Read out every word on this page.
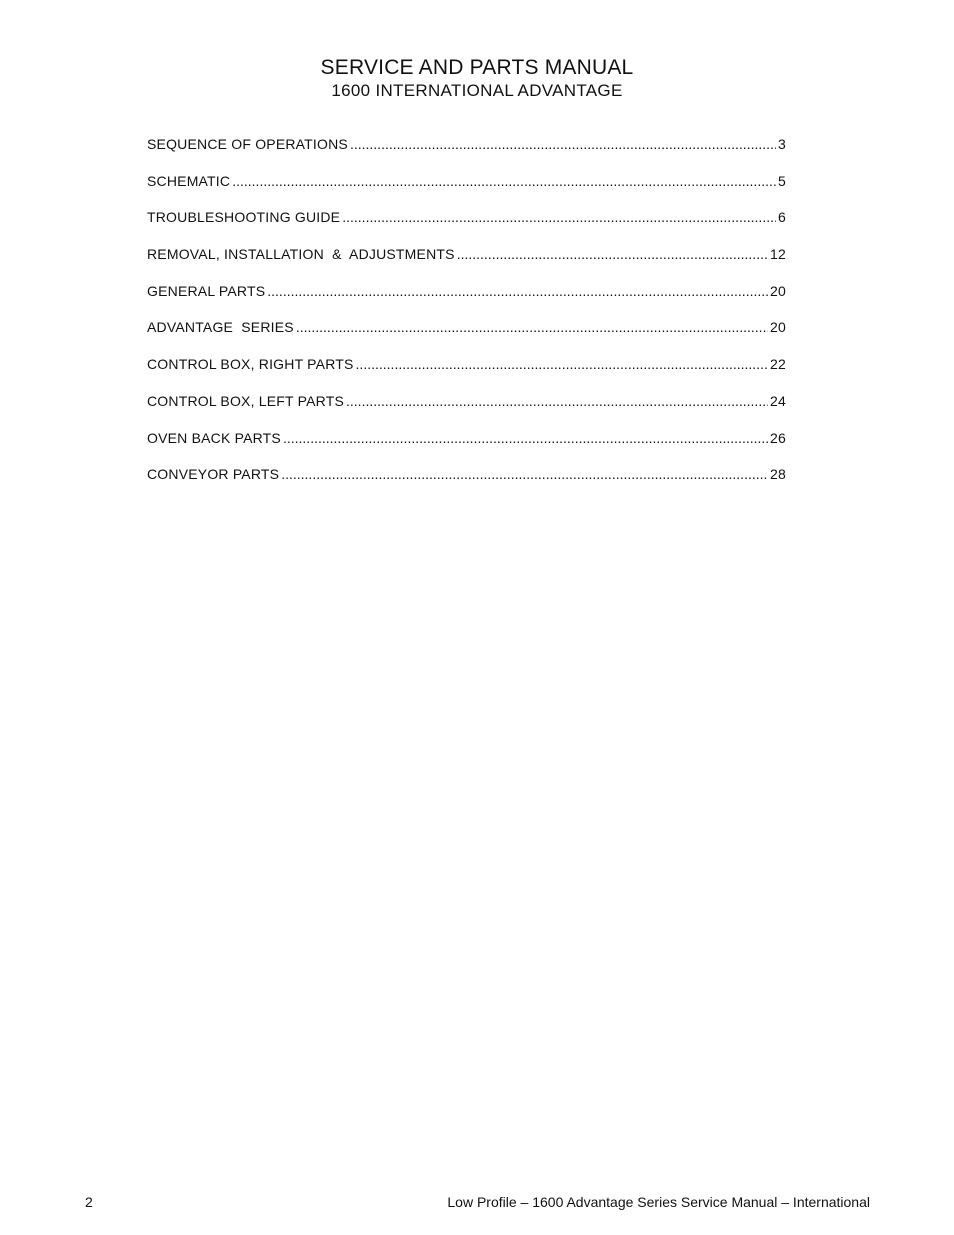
SERVICE AND PARTS MANUAL
1600 INTERNATIONAL ADVANTAGE
SEQUENCE OF OPERATIONS .....	3
SCHEMATIC .....	5
TROUBLESHOOTING GUIDE .....	6
REMOVAL, INSTALLATION  &  ADJUSTMENTS .....	12
GENERAL PARTS .....	20
ADVANTAGE  SERIES .....	20
CONTROL BOX, RIGHT PARTS .....	22
CONTROL BOX, LEFT PARTS .....	24
OVEN BACK PARTS .....	26
CONVEYOR PARTS .....	28
2	Low Profile – 1600 Advantage Series Service Manual – International
